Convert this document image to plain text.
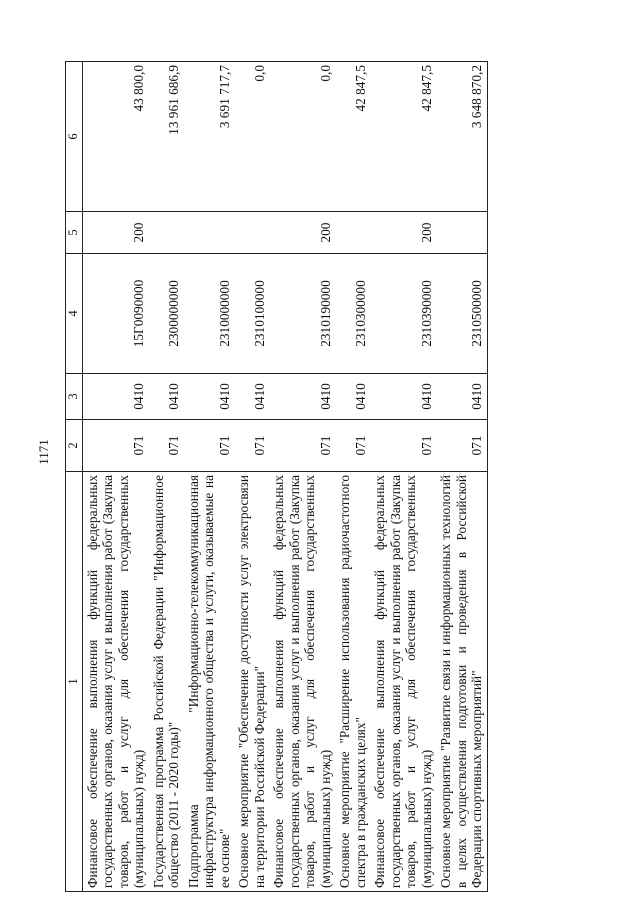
1171
1	2	3	4	5	6
Финансовое обеспечение выполнения функций федеральных государственных органов, оказания услуг и выполнения работ (Закупка товаров, работ и услуг для обеспечения государственных (муниципальных) нужд)	071	0410	15Г0090000	200	43 800,0
Государственная программа Российской Федерации "Информационное общество (2011 - 2020 годы)"	071	0410	2300000000		13 961 686,9
Подпрограмма "Информационно-телекоммуникационная инфраструктура информационного общества и услуги, оказываемые на ее основе"	071	0410	2310000000		3 691 717,7
Основное мероприятие "Обеспечение доступности услуг электросвязи на территории Российской Федерации"	071	0410	2310100000		0,0
Финансовое обеспечение выполнения функций федеральных государственных органов, оказания услуг и выполнения работ (Закупка товаров, работ и услуг для обеспечения государственных (муниципальных) нужд)	071	0410	2310190000	200	0,0
Основное мероприятие "Расширение использования радиочастотного спектра в гражданских целях"	071	0410	2310300000		42 847,5
Финансовое обеспечение выполнения функций федеральных государственных органов, оказания услуг и выполнения работ (Закупка товаров, работ и услуг для обеспечения государственных (муниципальных) нужд)	071	0410	2310390000	200	42 847,5
Основное мероприятие "Развитие связи и информационных технологий в целях осуществления подготовки и проведения в Российской Федерации спортивных мероприятий"	071	0410	2310500000		3 648 870,2
